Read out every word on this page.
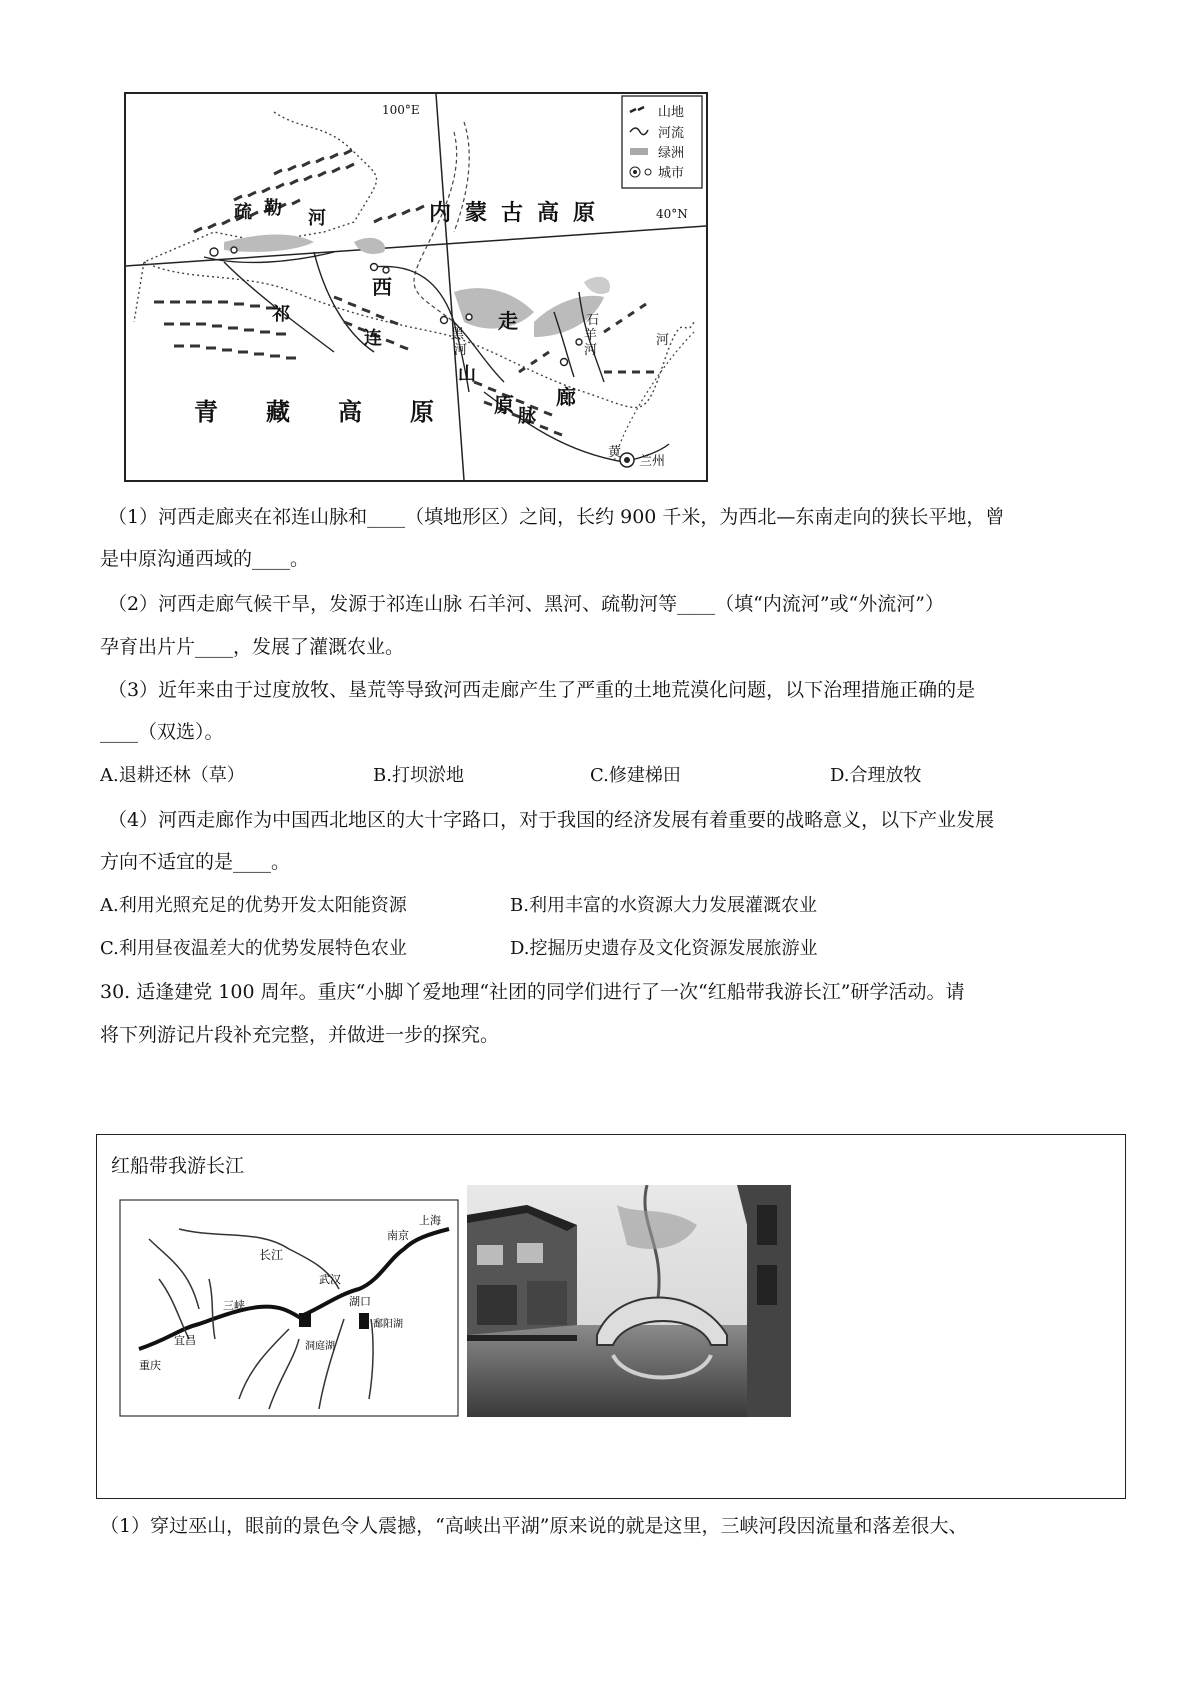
100°E
40°N
内蒙古高原
青藏高原
西
走
廊
祁
连
山
脉
疏 勒 河
原
兰州
黄
河
石
黑	羊
河	河
山地
河流
绿洲
城市
（1）河西走廊夹在祁连山脉和____（填地形区）之间，长约 900 千米，为西北—东南走向的狭长平地，曾
是中原沟通西域的____。
（2）河西走廊气候干旱，发源于祁连山脉 石羊河、黑河、疏勒河等____（填“内流河”或“外流河”）
孕育出片片____，发展了灌溉农业。
（3）近年来由于过度放牧、垦荒等导致河西走廊产生了严重的土地荒漠化问题，以下治理措施正确的是
____（双选）。
A.退耕还林（草）	B.打坝淤地	C.修建梯田	D.合理放牧
（4）河西走廊作为中国西北地区的大十字路口，对于我国的经济发展有着重要的战略意义，以下产业发展
方向不适宜的是____。
A.利用光照充足的优势开发太阳能资源	B.利用丰富的水资源大力发展灌溉农业
C.利用昼夜温差大的优势发展特色农业	D.挖掘历史遗存及文化资源发展旅游业
30. 适逢建党 100 周年。重庆“小脚丫爱地理“社团的同学们进行了一次“红船带我游长江”研学活动。请
将下列游记片段补充完整，并做进一步的探究。
红船带我游长江
长江
宜昌
三峡
重庆
武汉
湖口
南京
上海
洞庭湖
鄱阳湖
（1）穿过巫山，眼前的景色令人震撼，“高峡出平湖”原来说的就是这里，三峡河段因流量和落差很大、
